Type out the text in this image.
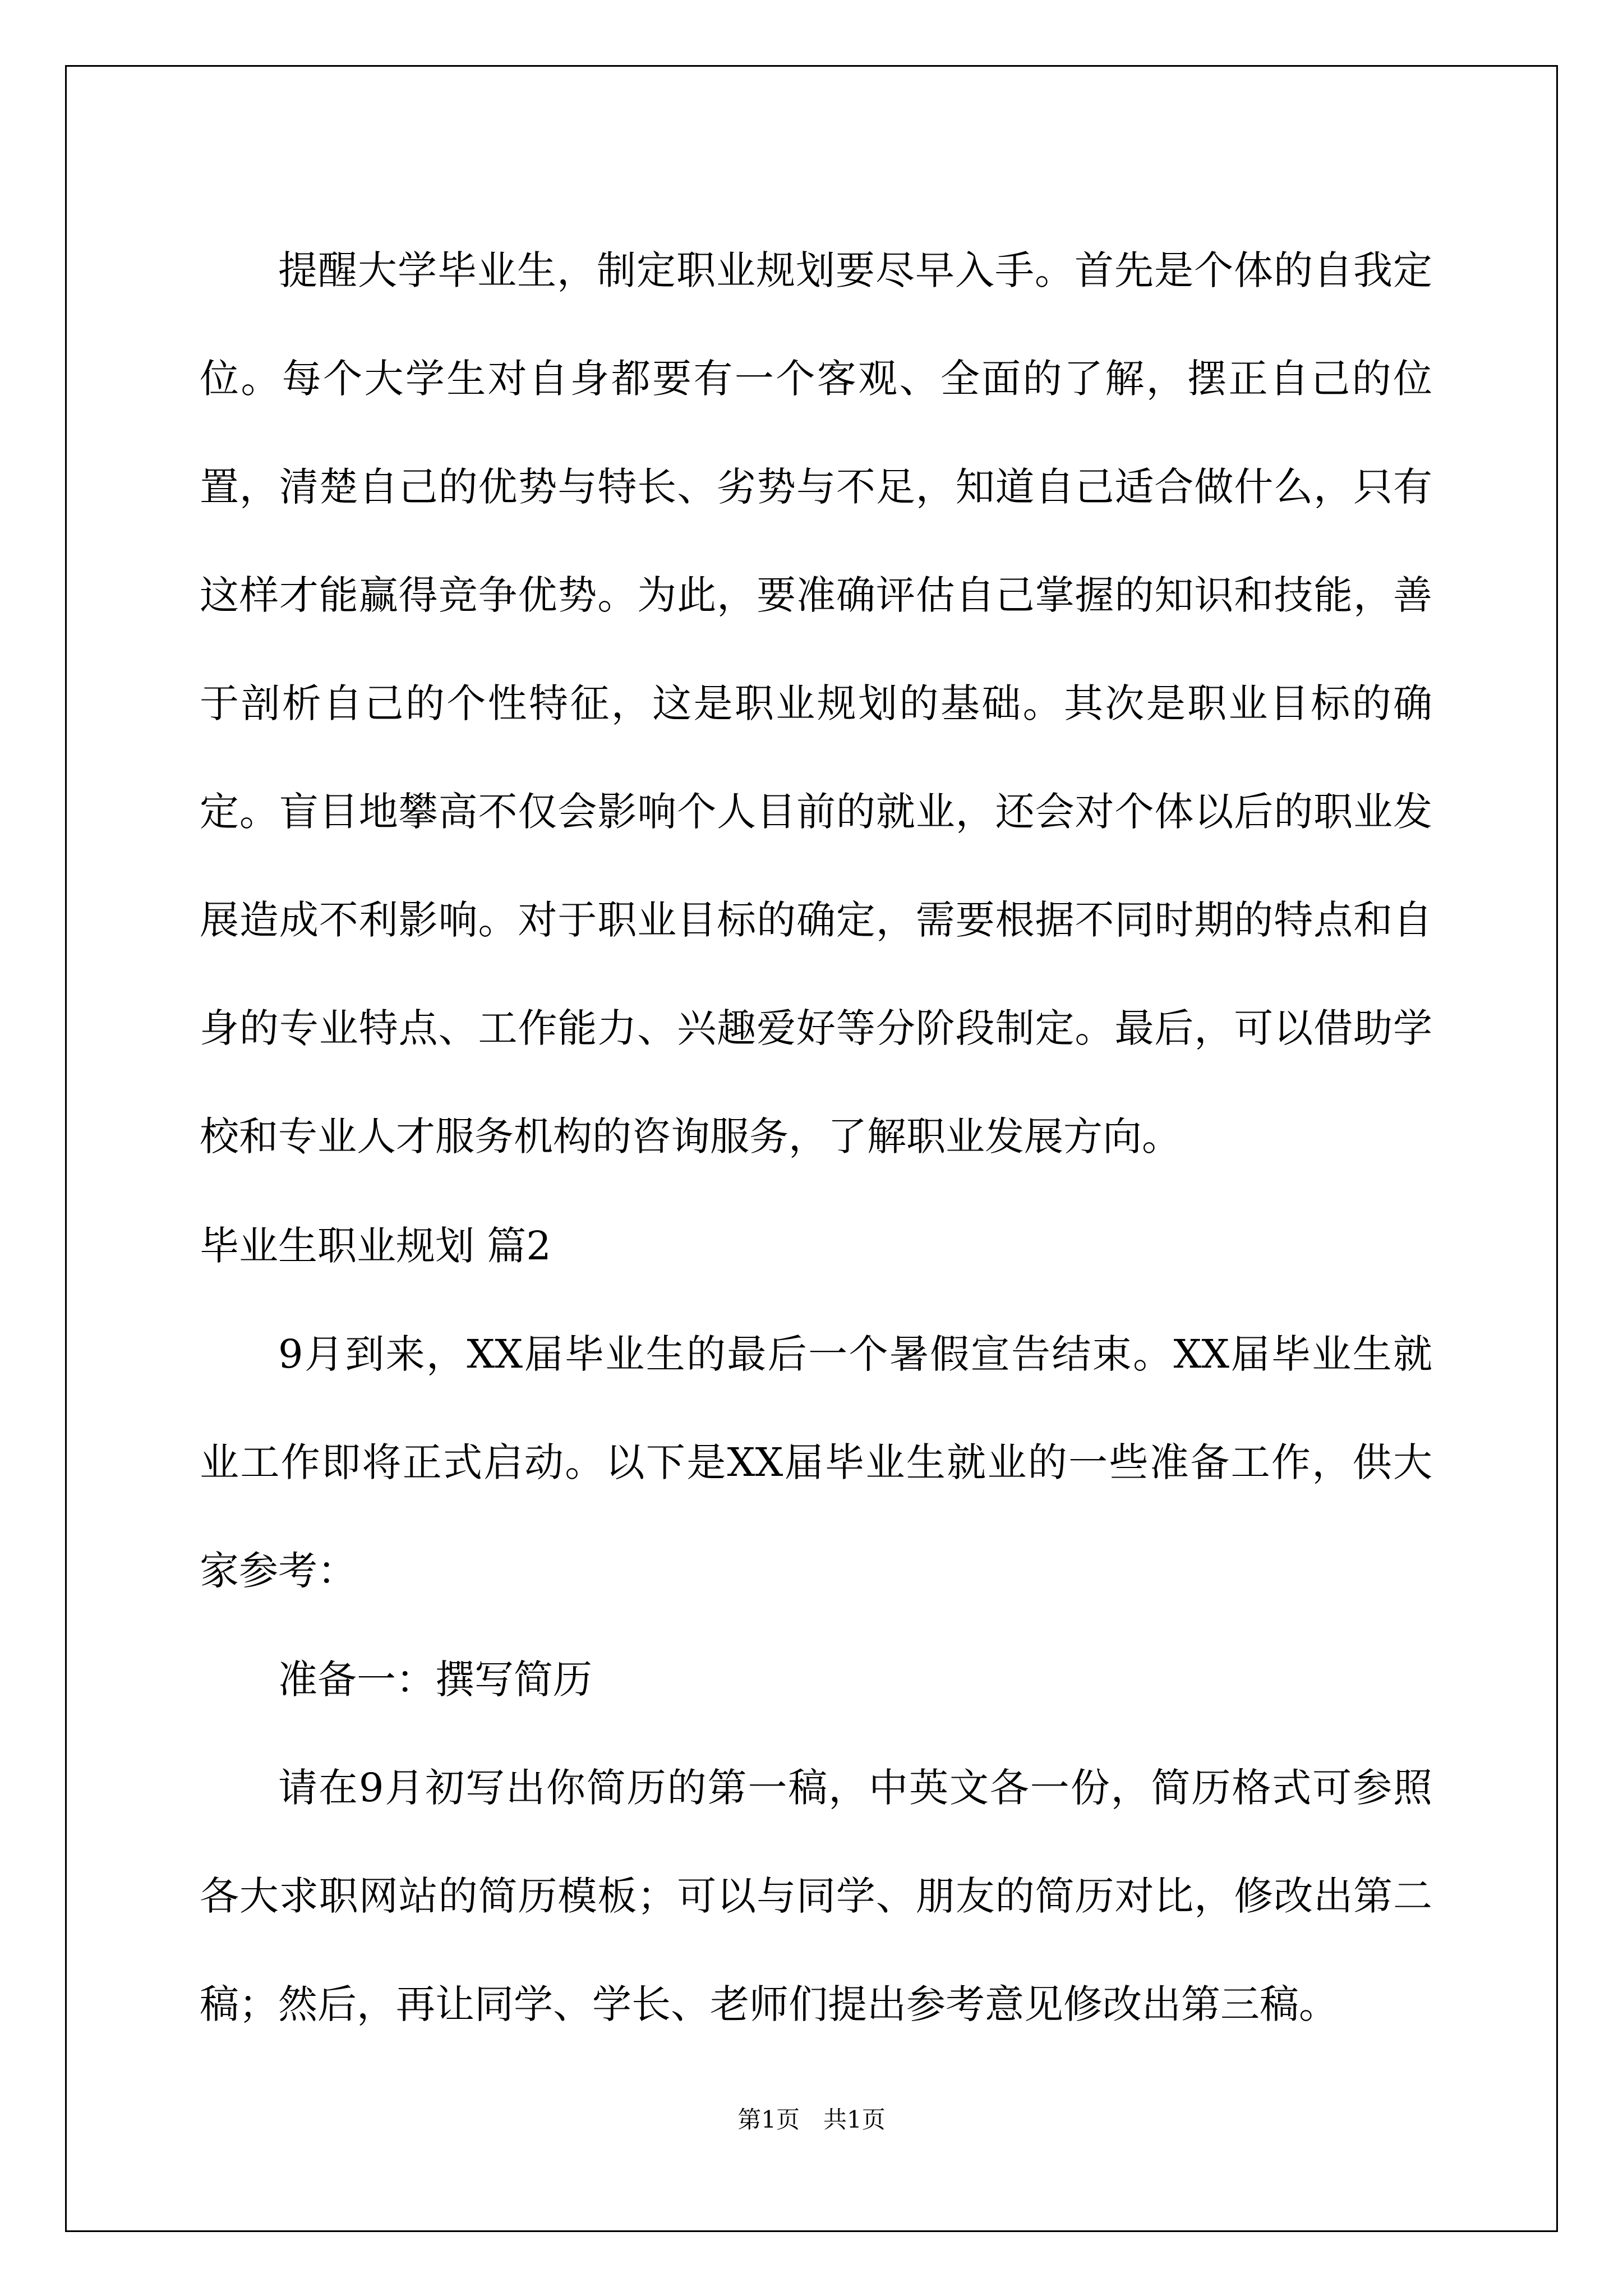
提醒大学毕业生，制定职业规划要尽早入手。首先是个体的自我定位。每个大学生对自身都要有一个客观、全面的了解，摆正自己的位置，清楚自己的优势与特长、劣势与不足，知道自己适合做什么，只有这样才能赢得竞争优势。为此，要准确评估自己掌握的知识和技能，善于剖析自己的个性特征，这是职业规划的基础。其次是职业目标的确定。盲目地攀高不仅会影响个人目前的就业，还会对个体以后的职业发展造成不利影响。对于职业目标的确定，需要根据不同时期的特点和自身的专业特点、工作能力、兴趣爱好等分阶段制定。最后，可以借助学校和专业人才服务机构的咨询服务，了解职业发展方向。

毕业生职业规划 篇2

9月到来，XX届毕业生的最后一个暑假宣告结束。XX届毕业生就业工作即将正式启动。以下是XX届毕业生就业的一些准备工作，供大家参考：

准备一：撰写简历

请在9月初写出你简历的第一稿，中英文各一份，简历格式可参照各大求职网站的简历模板；可以与同学、朋友的简历对比，修改出第二稿；然后，再让同学、学长、老师们提出参考意见修改出第三稿。

第1页　共1页
